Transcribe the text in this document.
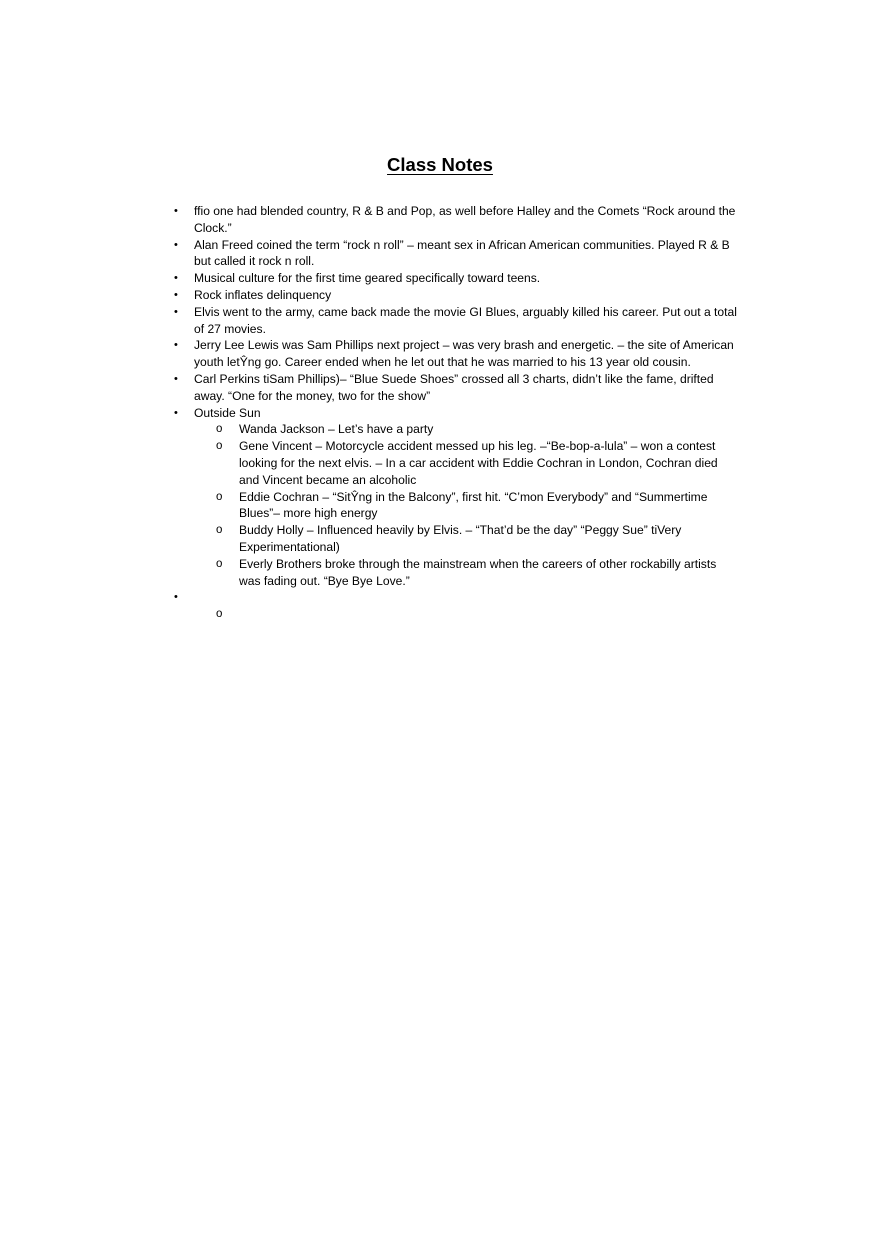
Class Notes
•	ffio one had blended country, R & B and Pop, as well before Halley and the Comets “Rock around the Clock.”
•	Alan Freed coined the term “rock n roll” – meant sex in African American communities. Played R & B but called it rock n roll.
•	Musical culture for the first time geared specifically toward teens.
•	Rock inflates delinquency
•	Elvis went to the army, came back made the movie GI Blues, arguably killed his career. Put out a total of 27 movies.
•	Jerry Lee Lewis was Sam Phillips next project – was very brash and energetic. – the site of American youth letŶng go. Career ended when he let out that he was married to his 13 year old cousin.
•	Carl Perkins tiSam Phillips)– “Blue Suede Shoes” crossed all 3 charts, didn’t like the fame, drifted away. “One for the money, two for the show”
•	Outside Sun
o	Wanda Jackson – Let’s have a party
o	Gene Vincent – Motorcycle accident messed up his leg. –“Be-bop-a-lula” – won a contest looking for the next elvis. – In a car accident with Eddie Cochran in London, Cochran died and Vincent became an alcoholic
o	Eddie Cochran – “SitŶng in the Balcony”, first hit. “C’mon Everybody” and “Summertime Blues”– more high energy
o	Buddy Holly – Influenced heavily by Elvis. – “That’d be the day” “Peggy Sue” tiVery Experimentational)
o	Everly Brothers broke through the mainstream when the careers of other rockabilly artists was fading out. “Bye Bye Love.”
•
o
